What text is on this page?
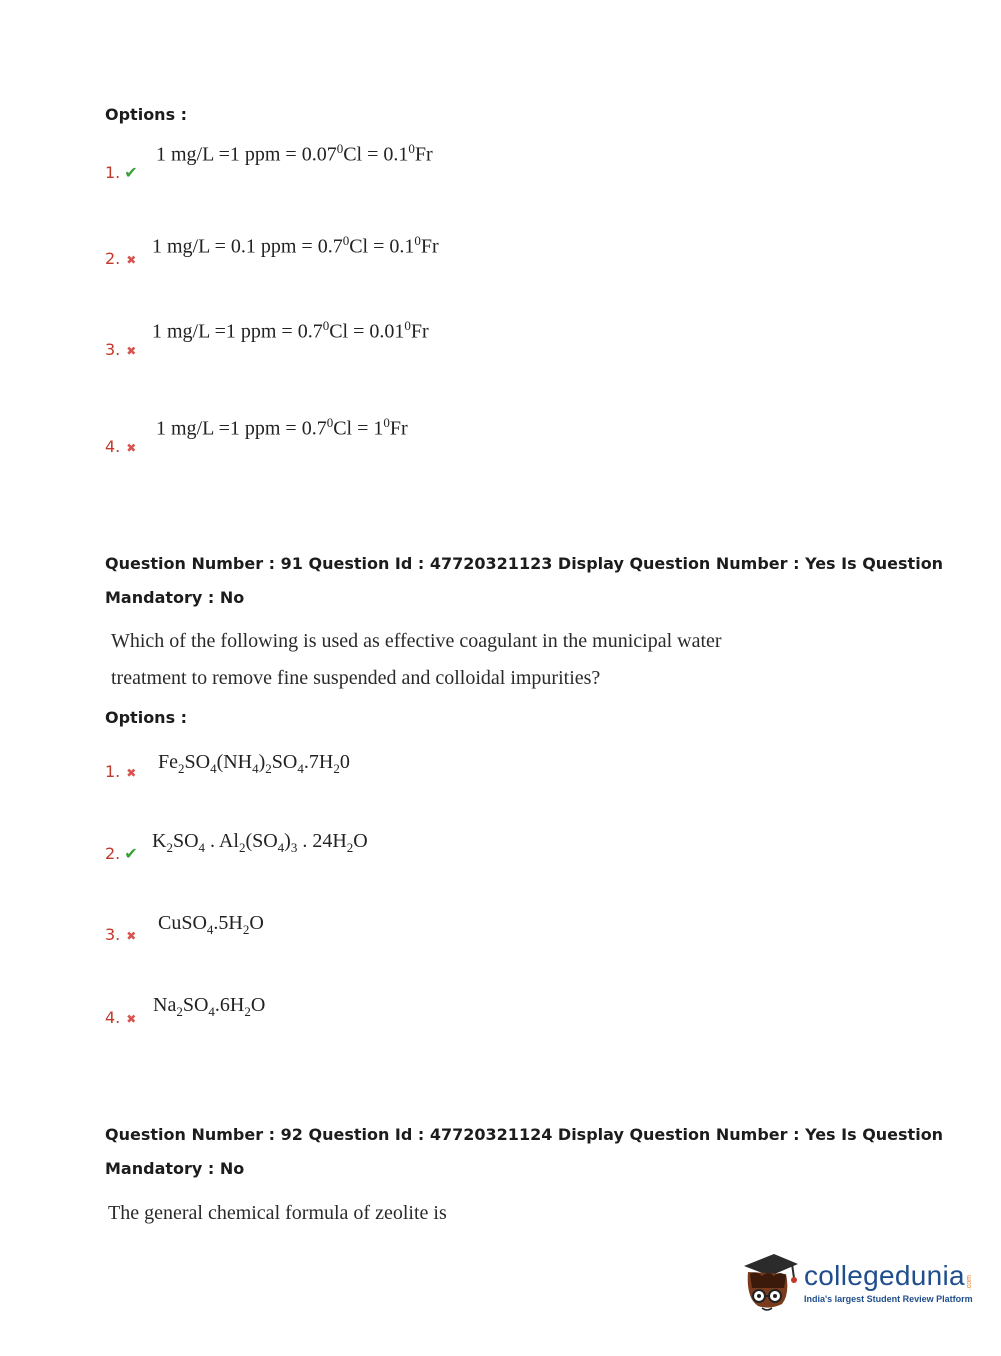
Options :
1. ✔
1 mg/L =1 ppm = $0.07^0Cl = 0.1^0Fr$
2. ✖
1 mg/L = 0.1 ppm = $0.7^0Cl = 0.1^0Fr$
3. ✖
1 mg/L =1 ppm = $0.7^0Cl = 0.01^0Fr$
4. ✖
1 mg/L =1 ppm = $0.7^0Cl = 1^0Fr$
Question Number : 91 Question Id : 47720321123 Display Question Number : Yes Is Question
Mandatory : No
Which of the following is used as effective coagulant in the municipal water
treatment to remove fine suspended and colloidal impurities?
Options :
1. ✖ $Fe_2SO_4(NH_4)_2SO_4.7H_20$
2. ✔
$K_2SO_4$ . $Al_2(SO_4)_3$ . $24H_2O$
3. ✖
$CuSO_4.5H_2O$
4. ✖
$Na_2SO_4.6H_2O$
Question Number : 92 Question Id : 47720321124 Display Question Number : Yes Is Question
Mandatory : No
The general chemical formula of zeolite is
collegedunia .com
India's largest Student Review Platform
